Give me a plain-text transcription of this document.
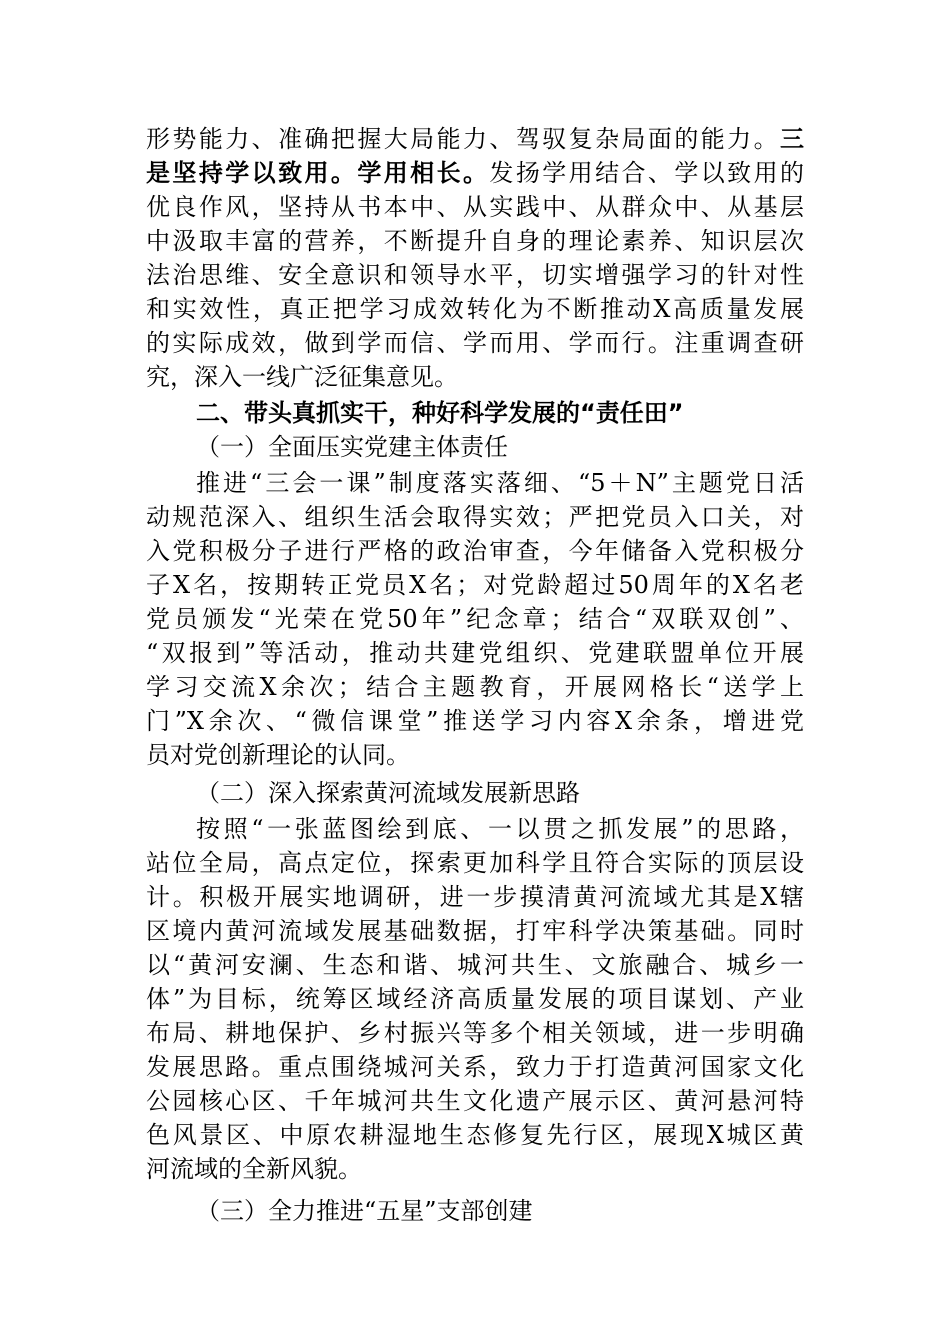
形势能力、准确把握大局能力、驾驭复杂局面的能力。三
是坚持学以致用。学用相长。发扬学用结合、学以致用的
优良作风，坚持从书本中、从实践中、从群众中、从基层
中汲取丰富的营养，不断提升自身的理论素养、知识层次
法治思维、安全意识和领导水平，切实增强学习的针对性
和实效性，真正把学习成效转化为不断推动X高质量发展
的实际成效，做到学而信、学而用、学而行。注重调查研
究，深入一线广泛征集意见。
二、带头真抓实干，种好科学发展的“责任田”
（一）全面压实党建主体责任
推进“三会一课”制度落实落细、“5＋N”主题党日活
动规范深入、组织生活会取得实效；严把党员入口关，对
入党积极分子进行严格的政治审查，今年储备入党积极分
子X名，按期转正党员X名；对党龄超过50周年的X名老
党员颁发“光荣在党50年”纪念章；结合“双联双创”、
“双报到”等活动，推动共建党组织、党建联盟单位开展
学习交流X余次；结合主题教育，开展网格长“送学上
门”X余次、“微信课堂”推送学习内容X余条，增进党
员对党创新理论的认同。
（二）深入探索黄河流域发展新思路
按照“一张蓝图绘到底、一以贯之抓发展”的思路，
站位全局，高点定位，探索更加科学且符合实际的顶层设
计。积极开展实地调研，进一步摸清黄河流域尤其是X辖
区境内黄河流域发展基础数据，打牢科学决策基础。同时
以“黄河安澜、生态和谐、城河共生、文旅融合、城乡一
体”为目标，统筹区域经济高质量发展的项目谋划、产业
布局、耕地保护、乡村振兴等多个相关领域，进一步明确
发展思路。重点围绕城河关系，致力于打造黄河国家文化
公园核心区、千年城河共生文化遗产展示区、黄河悬河特
色风景区、中原农耕湿地生态修复先行区，展现X城区黄
河流域的全新风貌。
（三）全力推进“五星”支部创建
